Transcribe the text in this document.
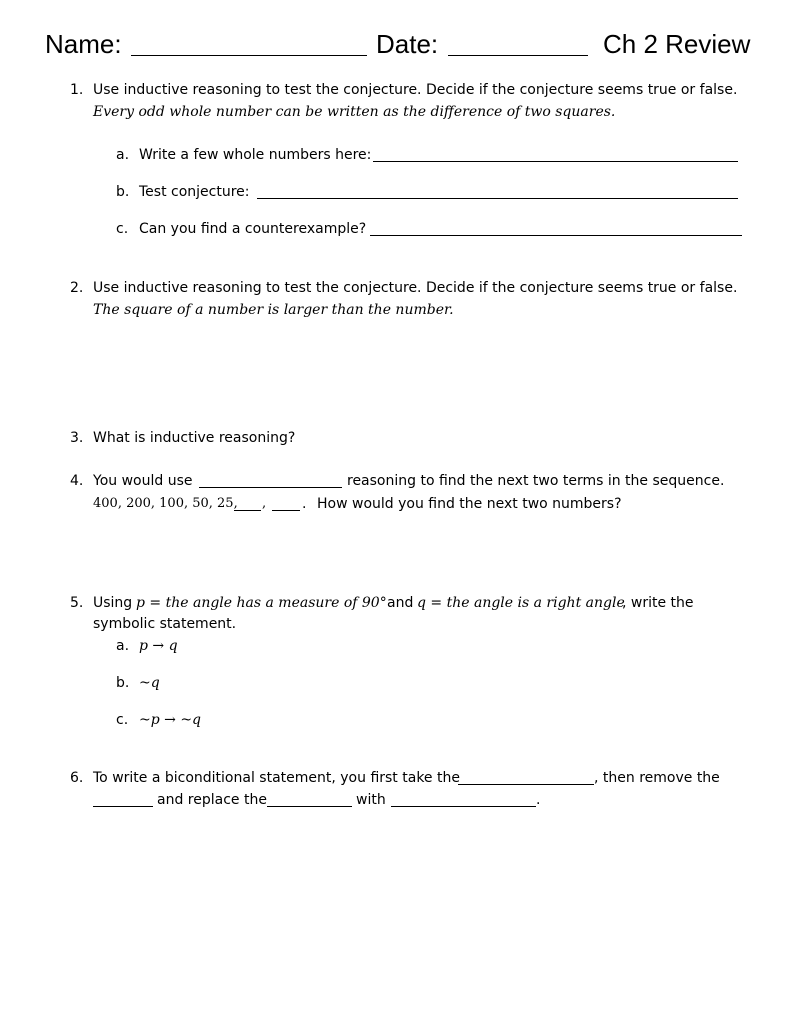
Name:	Date:	Ch 2 Review
1. Use inductive reasoning to test the conjecture. Decide if the conjecture seems true or false.
Every odd whole number can be written as the difference of two squares.
a. Write a few whole numbers here:
b. Test conjecture:
c. Can you find a counterexample?
2. Use inductive reasoning to test the conjecture. Decide if the conjecture seems true or false.
The square of a number is larger than the number.
3. What is inductive reasoning?
4. You would use	reasoning to find the next two terms in the sequence.
400, 200, 100, 50, 25, ,	. How would you find the next two numbers?
5. Using p = the angle has a measure of 90° and q = the angle is a right angle
, write the
symbolic statement.
a. p → q
b. ~q
c. ~p → ~q
6. To write a biconditional statement, you first take the	, then remove the
and replace the	with	.
